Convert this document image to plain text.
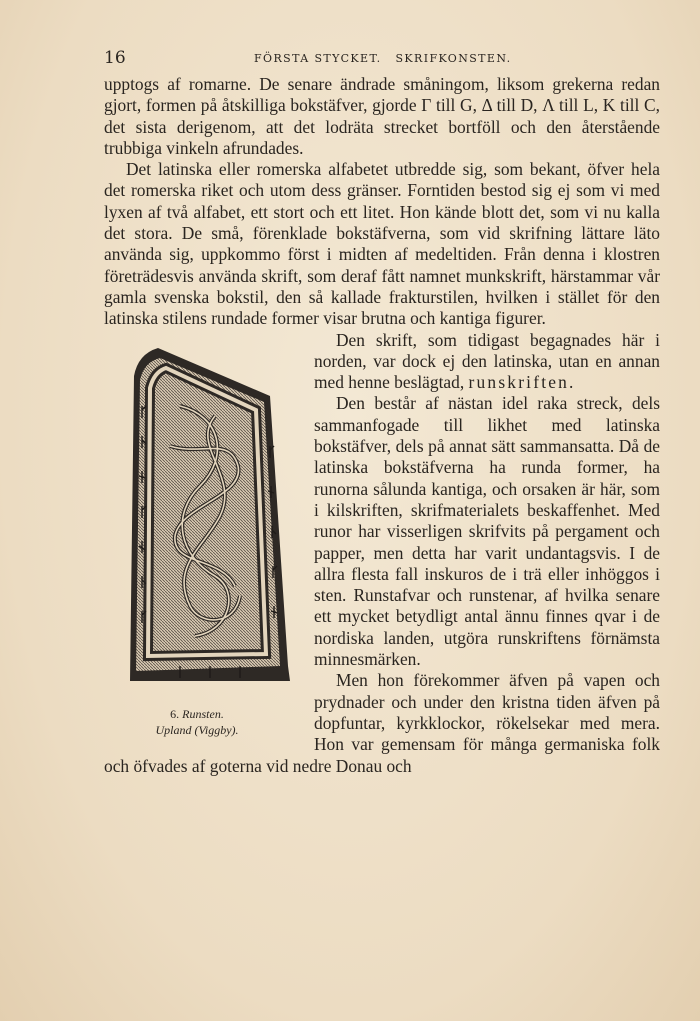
16	FÖRSTA STYCKET. SKRIFKONSTEN.

upptogs af romarne. De senare ändrade småningom, liksom grekerna redan gjort, formen på åtskilliga bokstäfver, gjorde Γ till G, Δ till D, Λ till L, K till C, det sista derigenom, att det lodräta strecket bortföll och den återstående trubbiga vinkeln afrundades.

Det latinska eller romerska alfabetet utbredde sig, som bekant, öfver hela det romerska riket och utom dess gränser. Forntiden bestod sig ej som vi med lyxen af två alfabet, ett stort och ett litet. Hon kände blott det, som vi nu kalla det stora. De små, förenklade bokstäfverna, som vid skrifning lättare läto använda sig, uppkommo först i midten af medeltiden. Från denna i klostren företrädesvis använda skrift, som deraf fått namnet munkskrift, härstammar vår gamla svenska bokstil, den så kallade frakturstilen, hvilken i stället för den latinska stilens rundade former visar brutna och kantiga figurer.

6. Runsten.
Upland (Viggby).

Den skrift, som tidigast begagnades här i norden, var dock ej den latinska, utan en annan med henne beslägtad, runskriften.

Den består af nästan idel raka streck, dels sammanfogade till likhet med latinska bokstäfver, dels på annat sätt sammansatta. Då de latinska bokstäfverna ha runda former, ha runorna sålunda kantiga, och orsaken är här, som i kilskriften, skrifmaterialets beskaffenhet. Med runor har visserligen skrifvits på pergament och papper, men detta har varit undantagsvis. I de allra flesta fall inskuros de i trä eller inhöggos i sten. Runstafvar och runstenar, af hvilka senare ett mycket betydligt antal ännu finnes qvar i de nordiska landen, utgöra runskriftens förnämsta minnesmärken.

Men hon förekommer äfven på vapen och prydnader och under den kristna tiden äfven på dopfuntar, kyrkklockor, rökelsekar med mera. Hon var gemensam för många germaniska folk och öfvades af goterna vid nedre Donau och
